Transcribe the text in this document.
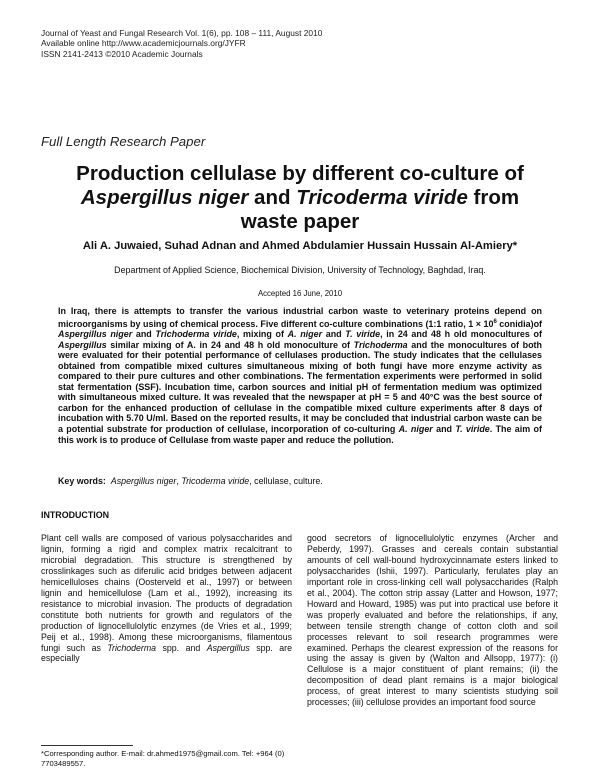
Journal of Yeast and Fungal Research Vol. 1(6), pp. 108 – 111, August 2010
Available online http://www.academicjournals.org/JYFR
ISSN 2141-2413 ©2010 Academic Journals
Full Length Research Paper
Production cellulase by different co-culture of
Aspergillus niger and Tricoderma viride from
waste paper
Ali A. Juwaied, Suhad Adnan and Ahmed Abdulamier Hussain Hussain Al-Amiery*
Department of Applied Science, Biochemical Division, University of Technology, Baghdad, Iraq.
Accepted 16 June, 2010

In Iraq, there is attempts to transfer the various industrial carbon waste to veterinary proteins depend on microorganisms by using of chemical process. Five different co-culture combinations (1:1 ratio, $1 \times 10^6$ conidia)of Aspergillus niger and Trichoderma viride, mixing of A. niger and T. viride, in 24 and 48 h old monocultures of Aspergillus similar mixing of A. in 24 and 48 h old monoculture of Trichoderma and the monocultures of both were evaluated for their potential performance of cellulases production. The study indicates that the cellulases obtained from compatible mixed cultures simultaneous mixing of both fungi have more enzyme activity as compared to their pure cultures and other combinations. The fermentation experiments were performed in solid stat fermentation (SSF). Incubation time, carbon sources and initial pH of fermentation medium was optimized with simultaneous mixed culture. It was revealed that the newspaper at pH = 5 and 40°C was the best source of carbon for the enhanced production of cellulase in the compatible mixed culture experiments after 8 days of incubation with 5.70 U/ml. Based on the reported results, it may be concluded that industrial carbon waste can be a potential substrate for production of cellulase, incorporation of co-culturing A. niger and T. viride. The aim of this work is to produce of Cellulase from waste paper and reduce the pollution.

Key words: Aspergillus niger, Tricoderma viride, cellulase, culture.
INTRODUCTION

Plant cell walls are composed of various polysaccharides and lignin, forming a rigid and complex matrix recalcitrant to microbial degradation. This structure is strengthened by crosslinkages such as diferulic acid bridges between adjacent hemicelluloses chains (Oosterveld et al., 1997) or between lignin and hemicellulose (Lam et al., 1992), increasing its resistance to microbial invasion. The products of degradation constitute both nutrients for growth and regulators of the production of lignocellulolytic enzymes (de Vries et al., 1999; Peij et al., 1998). Among these microorganisms, filamentous fungi such as Trichoderma spp. and Aspergillus spp. are especially

good secretors of lignocellulolytic enzymes (Archer and Peberdy, 1997). Grasses and cereals contain substantial amounts of cell wall-bound hydroxycinnamate esters linked to polysaccharides (Ishii, 1997). Particularly, ferulates play an important role in cross-linking cell wall polysaccharides (Ralph et al., 2004). The cotton strip assay (Latter and Howson, 1977; Howard and Howard, 1985) was put into practical use before it was properly evaluated and before the relationships, if any, between tensile strength change of cotton cloth and soil processes relevant to soil research programmes were examined. Perhaps the clearest expression of the reasons for using the assay is given by (Walton and Allsopp, 1977): (i) Cellulose is a major constituent of plant remains; (ii) the decomposition of dead plant remains is a major biological process, of great interest to many scientists studying soil processes; (iii) cellulose provides an important food source

*Corresponding author. E-mail: dr.ahmed1975@gmail.com. Tel: +964 (0) 7703489557.
